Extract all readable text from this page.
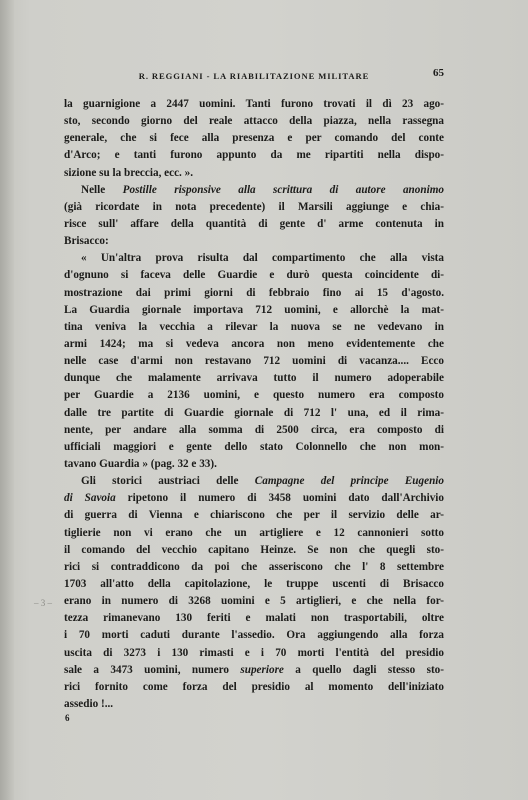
R. REGGIANI - LA RIABILITAZIONE MILITARE	65
– 3 –
la guarnigione a 2447 uomini. Tanti furono trovati il dì 23 ago-
sto, secondo giorno del reale attacco della piazza, nella rassegna
generale, che si fece alla presenza e per comando del conte
d'Arco; e tanti furono appunto da me ripartiti nella dispo-
sizione su la breccia, ecc. ».
Nelle Postille risponsive alla scrittura di autore anonimo
(già ricordate in nota precedente) il Marsili aggiunge e chia-
risce sull' affare della quantità di gente d' arme contenuta in
Brisacco:
« Un'altra prova risulta dal compartimento che alla vista
d'ognuno si faceva delle Guardie e durò questa coincidente di-
mostrazione dai primi giorni di febbraio fino ai 15 d'agosto.
La Guardia giornale importava 712 uomini, e allorchè la mat-
tina veniva la vecchia a rilevar la nuova se ne vedevano in
armi 1424; ma si vedeva ancora non meno evidentemente che
nelle case d'armi non restavano 712 uomini di vacanza.... Ecco
dunque che malamente arrivava tutto il numero adoperabile
per Guardie a 2136 uomini, e questo numero era composto
dalle tre partite di Guardie giornale di 712 l' una, ed il rima-
nente, per andare alla somma di 2500 circa, era composto di
ufficiali maggiori e gente dello stato Colonnello che non mon-
tavano Guardia » (pag. 32 e 33).
Gli storici austriaci delle Campagne del principe Eugenio
di Savoia ripetono il numero di 3458 uomini dato dall'Archivio
di guerra di Vienna e chiariscono che per il servizio delle ar-
tiglierie non vi erano che un artigliere e 12 cannonieri sotto
il comando del vecchio capitano Heinze. Se non che quegli sto-
rici si contraddicono da poi che asseriscono che l' 8 settembre
1703 all'atto della capitolazione, le truppe uscenti di Brisacco
erano in numero di 3268 uomini e 5 artiglieri, e che nella for-
tezza rimanevano 130 feriti e malati non trasportabili, oltre
i 70 morti caduti durante l'assedio. Ora aggiungendo alla forza
uscita di 3273 i 130 rimasti e i 70 morti l'entità del presidio
sale a 3473 uomini, numero superiore a quello dagli stesso sto-
rici fornito come forza del presidio al momento dell'iniziato
assedio !...
6
